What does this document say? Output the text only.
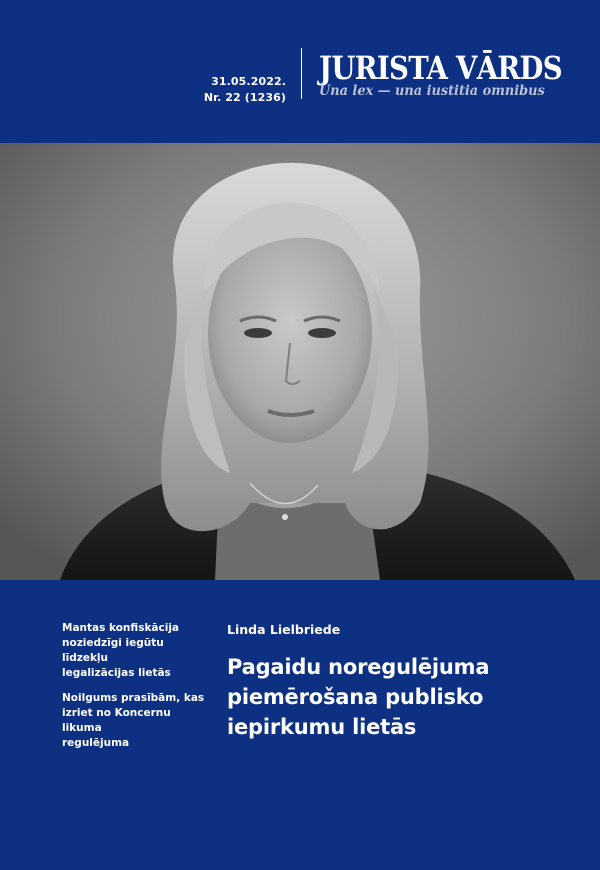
31.05.2022.
Nr. 22 (1236)
JURISTA VĀRDS
Una lex — una iustitia omnibus
Mantas konfiskācija
noziedzīgi iegūtu līdzekļu
legalizācijas lietās
Noilgums prasībām, kas
izriet no Koncernu likuma
regulējuma
Linda Lielbriede
Pagaidu noregulējuma
piemērošana publisko
iepirkumu lietās
